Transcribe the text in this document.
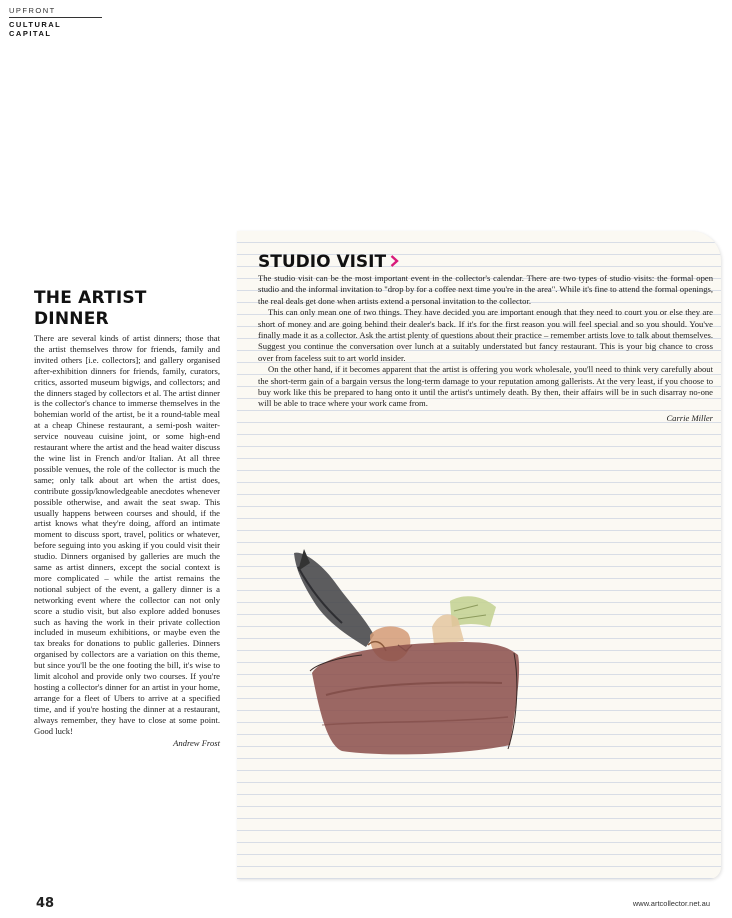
UPFRONT
CULTURAL CAPITAL
THE ARTIST DINNER

There are several kinds of artist dinners; those that the artist themselves throw for friends, family and invited others [i.e. collectors]; and gallery organised after-exhibition dinners for friends, family, curators, critics, assorted museum bigwigs, and collectors; and the dinners staged by collectors et al. The artist dinner is the collector's chance to immerse themselves in the bohemian world of the artist, be it a round-table meal at a cheap Chinese restaurant, a semi-posh waiter-service nouveau cuisine joint, or some high-end restaurant where the artist and the head waiter discuss the wine list in French and/or Italian. At all three possible venues, the role of the collector is much the same; only talk about art when the artist does, contribute gossip/knowledgeable anecdotes whenever possible otherwise, and await the seat swap. This usually happens between courses and should, if the artist knows what they're doing, afford an intimate moment to discuss sport, travel, politics or whatever, before seguing into you asking if you could visit their studio. Dinners organised by galleries are much the same as artist dinners, except the social context is more complicated – while the artist remains the notional subject of the event, a gallery dinner is a networking event where the collector can not only score a studio visit, but also explore added bonuses such as having the work in their private collection included in museum exhibitions, or maybe even the tax breaks for donations to public galleries. Dinners organised by collectors are a variation on this theme, but since you'll be the one footing the bill, it's wise to limit alcohol and provide only two courses. If you're hosting a collector's dinner for an artist in your home, arrange for a fleet of Ubers to arrive at a specified time, and if you're hosting the dinner at a restaurant, always remember, they have to close at some point. Good luck!

Andrew Frost
STUDIO VISIT

The studio visit can be the most important event in the collector's calendar. There are two types of studio visits: the formal open studio and the informal invitation to "drop by for a coffee next time you're in the area". While it's fine to attend the formal openings, the real deals get done when artists extend a personal invitation to the collector.

This can only mean one of two things. They have decided you are important enough that they need to court you or else they are short of money and are going behind their dealer's back. If it's for the first reason you will feel special and so you should. You've finally made it as a collector. Ask the artist plenty of questions about their practice – remember artists love to talk about themselves. Suggest you continue the conversation over lunch at a suitably understated but fancy restaurant. This is your big chance to cross over from faceless suit to art world insider.

On the other hand, if it becomes apparent that the artist is offering you work wholesale, you'll need to think very carefully about the short-term gain of a bargain versus the long-term damage to your reputation among gallerists. At the very least, if you choose to buy work like this be prepared to hang onto it until the artist's untimely death. By then, their affairs will be in such disarray no-one will be able to trace where your work came from.

Carrie Miller
48	www.artcollector.net.au
